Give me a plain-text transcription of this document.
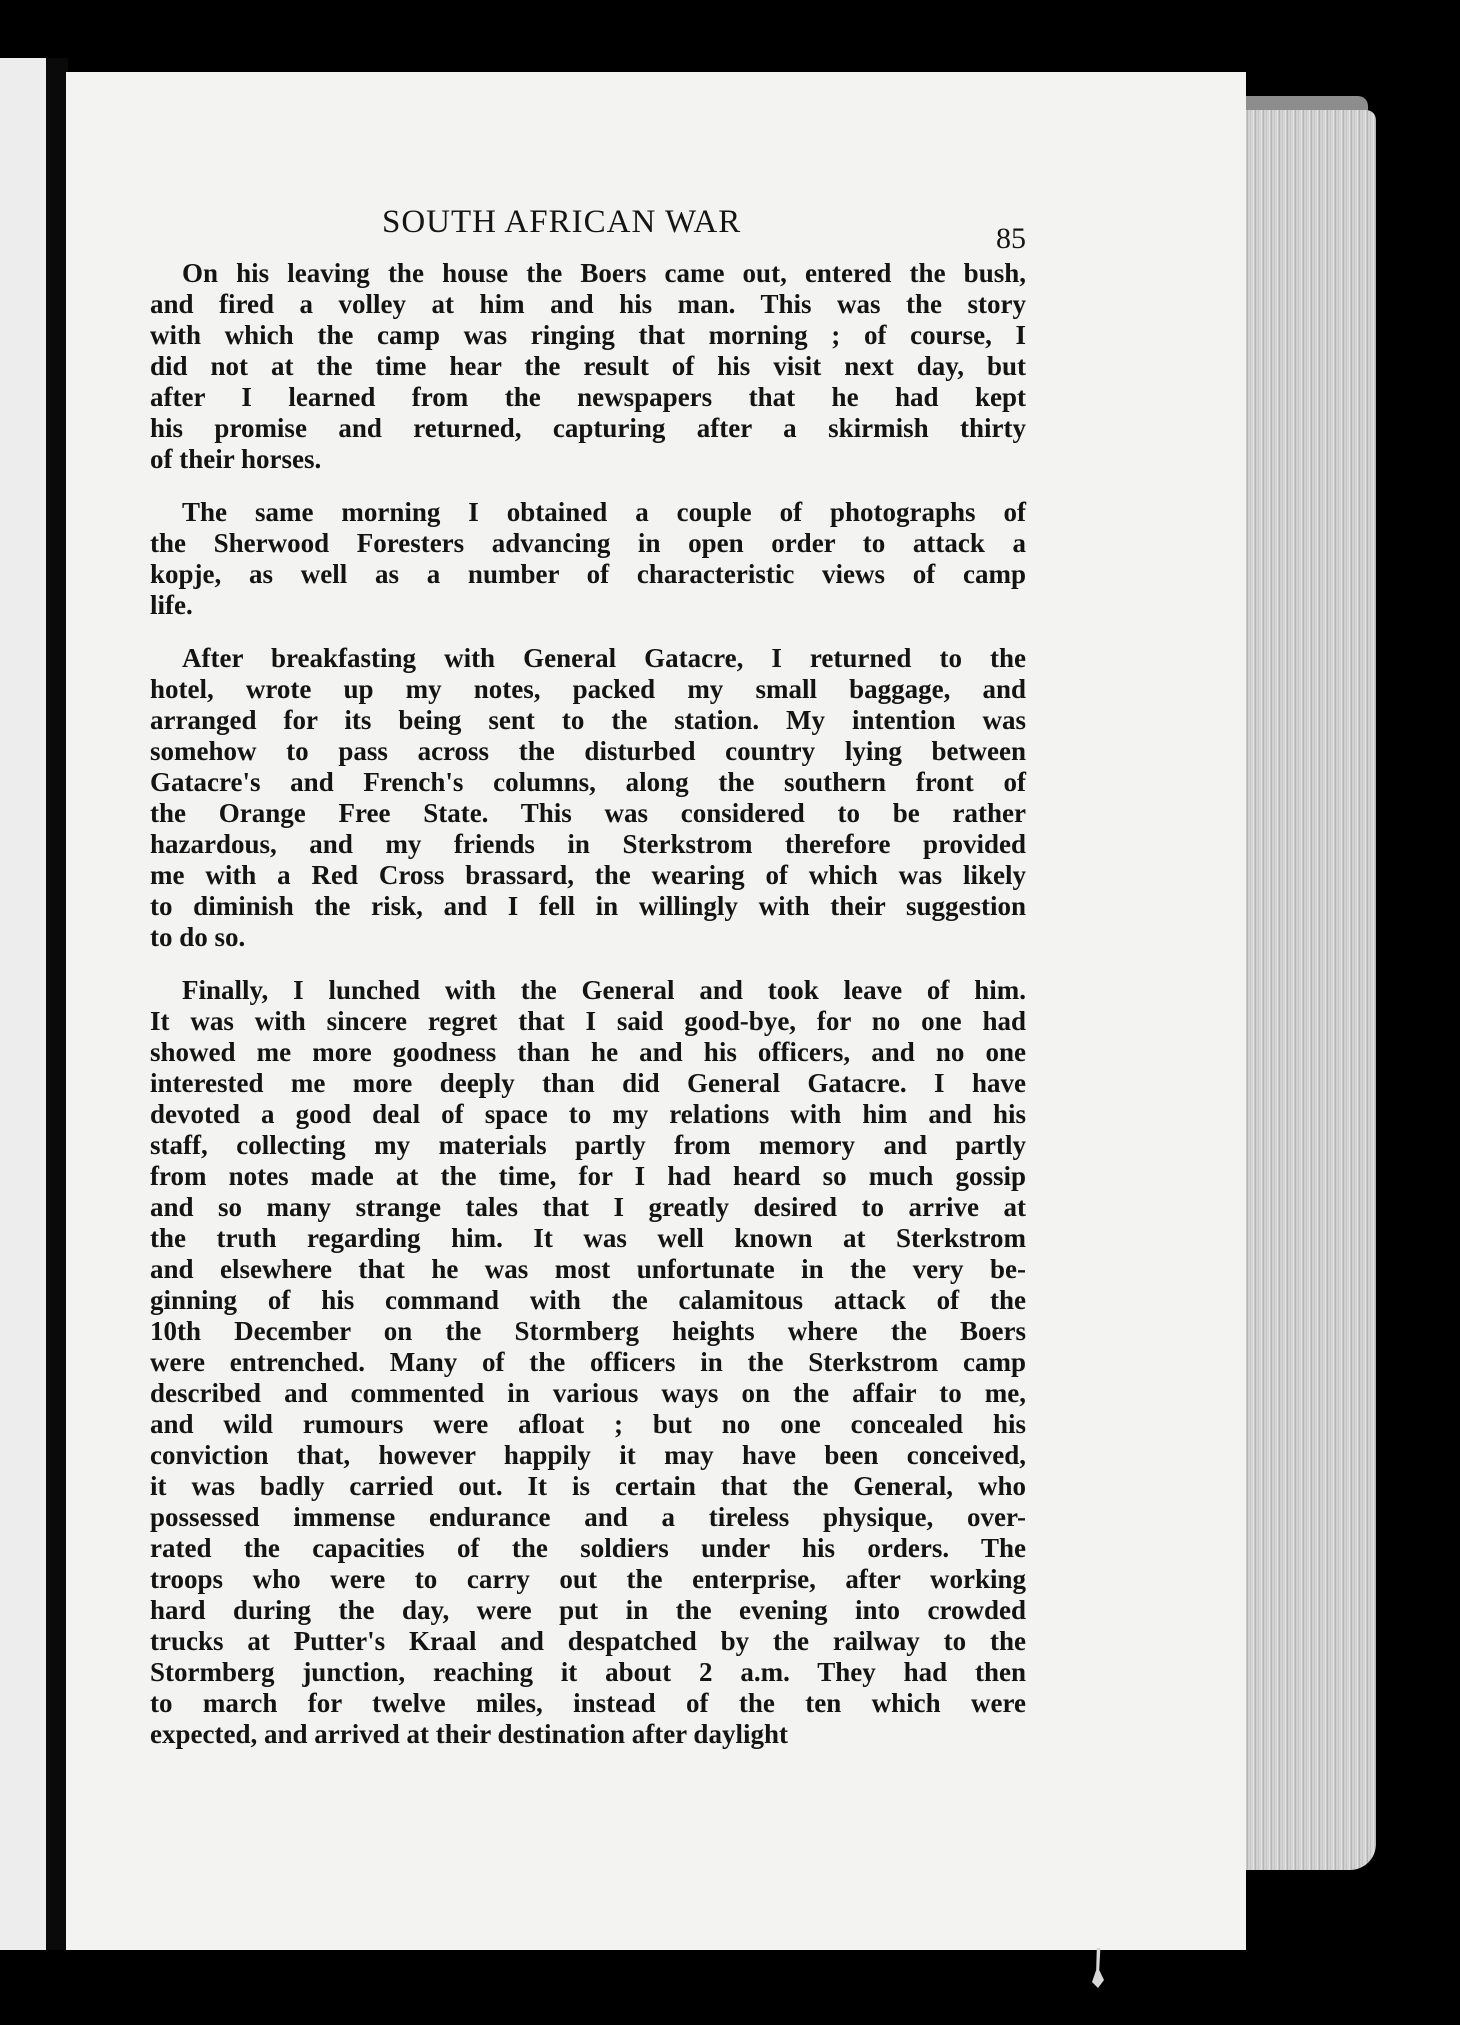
SOUTH AFRICAN WAR	85
On his leaving the house the Boers came out, entered the bush,
and fired a volley at him and his man. This was the story
with which the camp was ringing that morning ; of course, I
did not at the time hear the result of his visit next day, but
after I learned from the newspapers that he had kept
his promise and returned, capturing after a skirmish thirty
of their horses.
The same morning I obtained a couple of photographs of
the Sherwood Foresters advancing in open order to attack a
kopje, as well as a number of characteristic views of camp
life.
After breakfasting with General Gatacre, I returned to the
hotel, wrote up my notes, packed my small baggage, and
arranged for its being sent to the station. My intention was
somehow to pass across the disturbed country lying between
Gatacre's and French's columns, along the southern front of
the Orange Free State. This was considered to be rather
hazardous, and my friends in Sterkstrom therefore provided
me with a Red Cross brassard, the wearing of which was likely
to diminish the risk, and I fell in willingly with their suggestion
to do so.
Finally, I lunched with the General and took leave of him.
It was with sincere regret that I said good-bye, for no one had
showed me more goodness than he and his officers, and no one
interested me more deeply than did General Gatacre. I have
devoted a good deal of space to my relations with him and his
staff, collecting my materials partly from memory and partly
from notes made at the time, for I had heard so much gossip
and so many strange tales that I greatly desired to arrive at
the truth regarding him. It was well known at Sterkstrom
and elsewhere that he was most unfortunate in the very be-
ginning of his command with the calamitous attack of the
10th December on the Stormberg heights where the Boers
were entrenched. Many of the officers in the Sterkstrom camp
described and commented in various ways on the affair to me,
and wild rumours were afloat ; but no one concealed his
conviction that, however happily it may have been conceived,
it was badly carried out. It is certain that the General, who
possessed immense endurance and a tireless physique, over-
rated the capacities of the soldiers under his orders. The
troops who were to carry out the enterprise, after working
hard during the day, were put in the evening into crowded
trucks at Putter's Kraal and despatched by the railway to the
Stormberg junction, reaching it about 2 a.m. They had then
to march for twelve miles, instead of the ten which were
expected, and arrived at their destination after daylight
